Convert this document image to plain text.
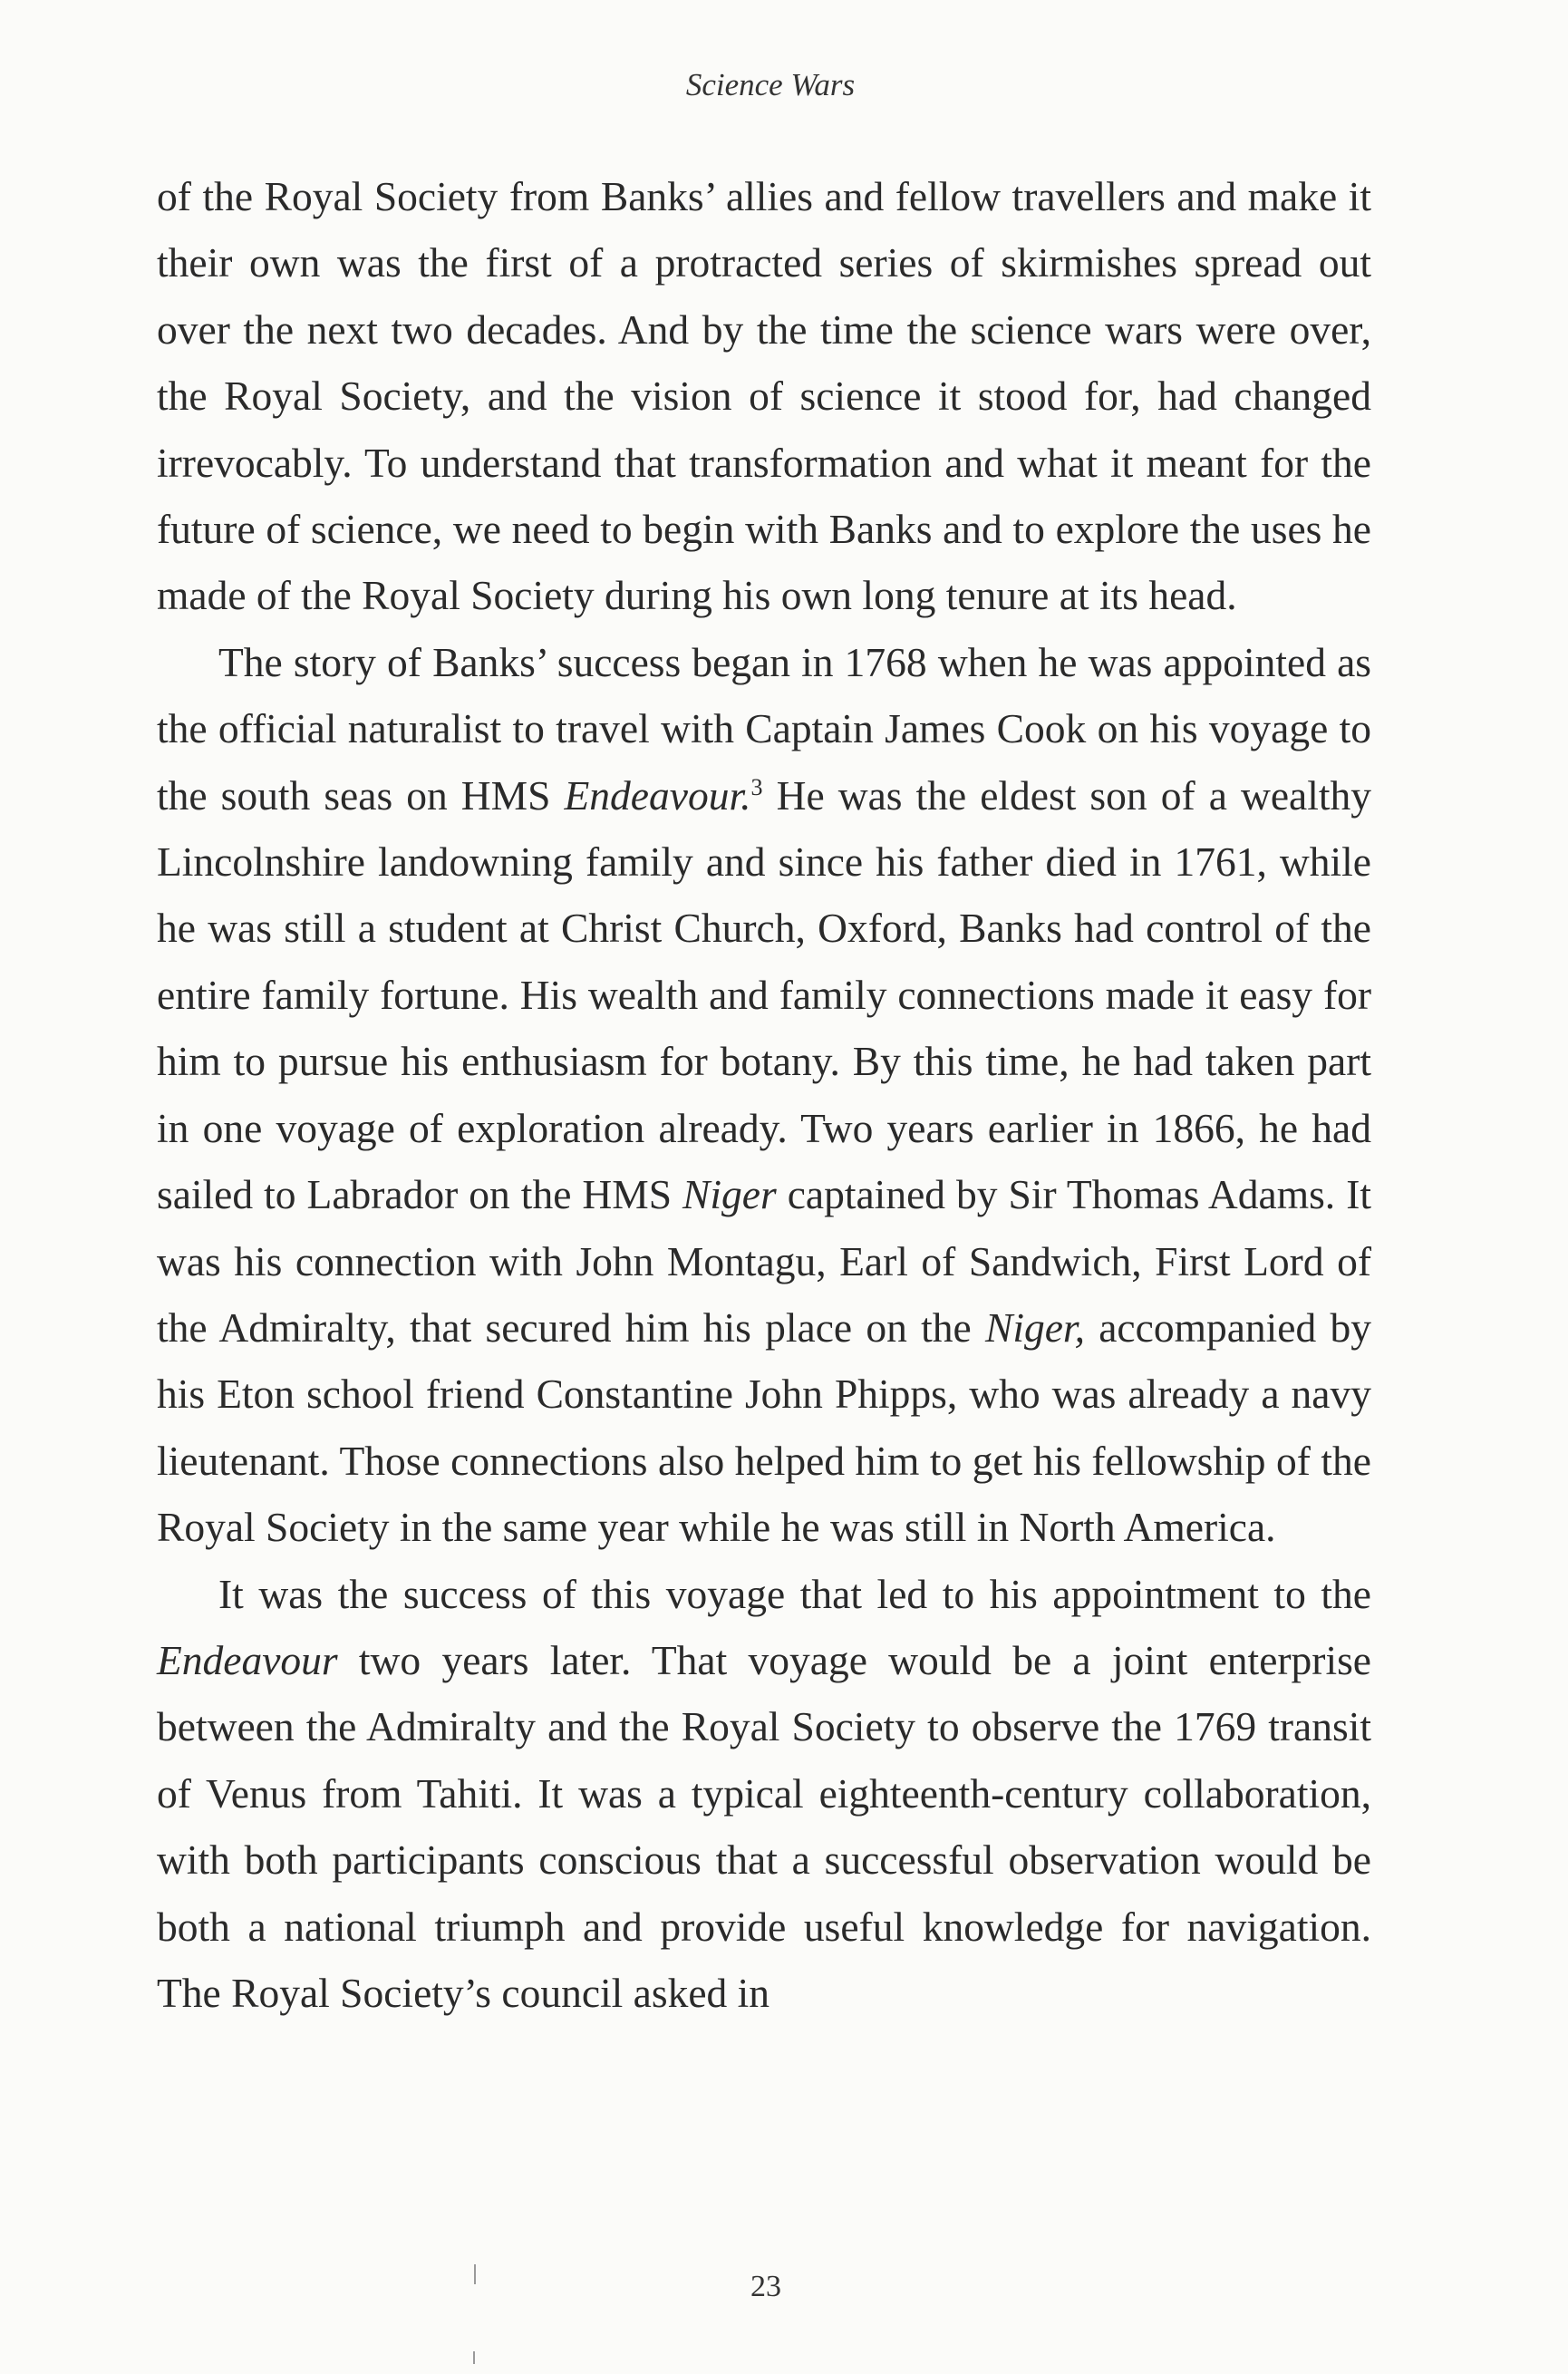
Science Wars

of the Royal Society from Banks’ allies and fellow travellers and make it their own was the first of a protracted series of skirmishes spread out over the next two decades. And by the time the science wars were over, the Royal Society, and the vision of science it stood for, had changed irrevocably. To understand that transformation and what it meant for the future of science, we need to begin with Banks and to explore the uses he made of the Royal Society during his own long tenure at its head.

The story of Banks’ success began in 1768 when he was appointed as the official naturalist to travel with Captain James Cook on his voyage to the south seas on HMS Endeavour.$^3$ He was the eldest son of a wealthy Lincolnshire landowning family and since his father died in 1761, while he was still a student at Christ Church, Oxford, Banks had control of the entire family fortune. His wealth and family connections made it easy for him to pursue his enthusiasm for botany. By this time, he had taken part in one voyage of exploration already. Two years earlier in 1866, he had sailed to Labrador on the HMS Niger captained by Sir Thomas Adams. It was his connection with John Montagu, Earl of Sandwich, First Lord of the Admiralty, that secured him his place on the Niger, accompanied by his Eton school friend Constantine John Phipps, who was already a navy lieutenant. Those connections also helped him to get his fellowship of the Royal Society in the same year while he was still in North America.

It was the success of this voyage that led to his appointment to the Endeavour two years later. That voyage would be a joint enterprise between the Admiralty and the Royal Society to observe the 1769 transit of Venus from Tahiti. It was a typical eighteenth-century collaboration, with both participants conscious that a successful observation would be both a national triumph and provide useful knowledge for navigation. The Royal Society’s council asked in

23
